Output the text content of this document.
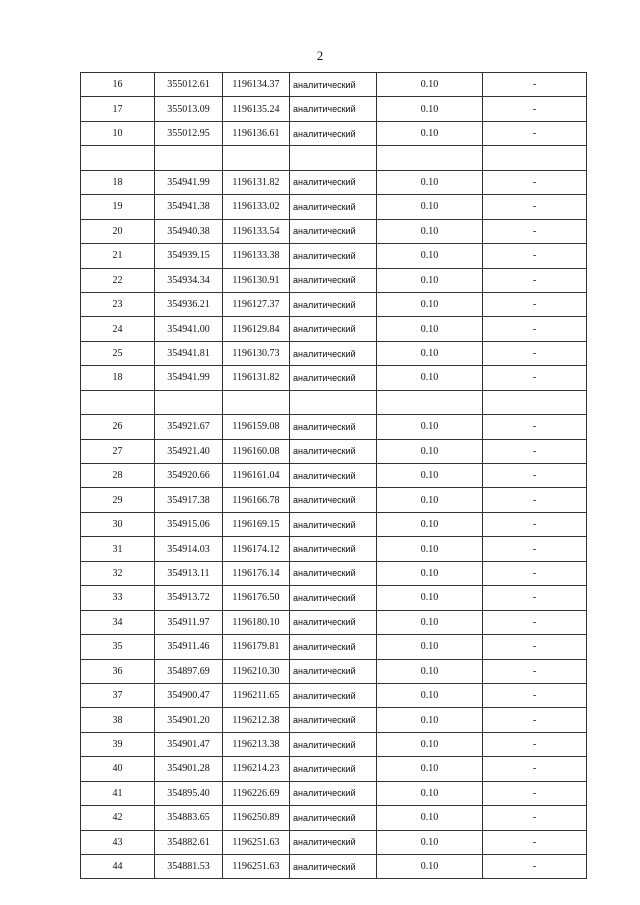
2
16	355012.61	1196134.37	аналитический	0.10	-
17	355013.09	1196135.24	аналитический	0.10	-
10	355012.95	1196136.61	аналитический	0.10	-

18	354941.99	1196131.82	аналитический	0.10	-
19	354941.38	1196133.02	аналитический	0.10	-
20	354940.38	1196133.54	аналитический	0.10	-
21	354939.15	1196133.38	аналитический	0.10	-
22	354934.34	1196130.91	аналитический	0.10	-
23	354936.21	1196127.37	аналитический	0.10	-
24	354941.00	1196129.84	аналитический	0.10	-
25	354941.81	1196130.73	аналитический	0.10	-
18	354941.99	1196131.82	аналитический	0.10	-

26	354921.67	1196159.08	аналитический	0.10	-
27	354921.40	1196160.08	аналитический	0.10	-
28	354920.66	1196161.04	аналитический	0.10	-
29	354917.38	1196166.78	аналитический	0.10	-
30	354915.06	1196169.15	аналитический	0.10	-
31	354914.03	1196174.12	аналитический	0.10	-
32	354913.11	1196176.14	аналитический	0.10	-
33	354913.72	1196176.50	аналитический	0.10	-
34	354911.97	1196180.10	аналитический	0.10	-
35	354911.46	1196179.81	аналитический	0.10	-
36	354897.69	1196210.30	аналитический	0.10	-
37	354900.47	1196211.65	аналитический	0.10	-
38	354901.20	1196212.38	аналитический	0.10	-
39	354901.47	1196213.38	аналитический	0.10	-
40	354901.28	1196214.23	аналитический	0.10	-
41	354895.40	1196226.69	аналитический	0.10	-
42	354883.65	1196250.89	аналитический	0.10	-
43	354882.61	1196251.63	аналитический	0.10	-
44	354881.53	1196251.63	аналитический	0.10	-
